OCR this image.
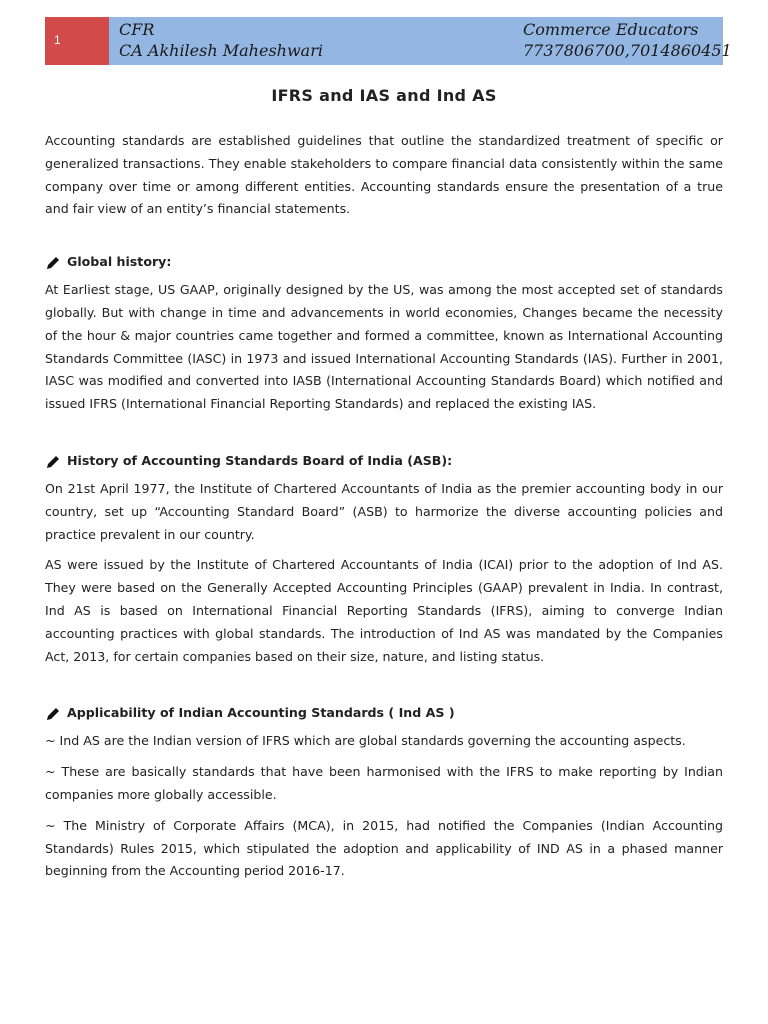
1
CFR
CA Akhilesh Maheshwari
Commerce Educators
7737806700,7014860451
IFRS and IAS and Ind AS

Accounting standards are established guidelines that outline the standardized treatment of specific or generalized transactions. They enable stakeholders to compare financial data consistently within the same company over time or among different entities. Accounting standards ensure the presentation of a true and fair view of an entity’s financial statements.

Global history:

At Earliest stage, US GAAP, originally designed by the US, was among the most accepted set of standards globally. But with change in time and advancements in world economies, Changes became the necessity of the hour & major countries came together and formed a committee, known as International Accounting Standards Committee (IASC) in 1973 and issued International Accounting Standards (IAS). Further in 2001, IASC was modified and converted into IASB (International Accounting Standards Board) which notified and issued IFRS (International Financial Reporting Standards) and replaced the existing IAS.

History of Accounting Standards Board of India (ASB):

On 21st April 1977, the Institute of Chartered Accountants of India as the premier accounting body in our country, set up “Accounting Standard Board” (ASB) to harmorize the diverse accounting policies and practice prevalent in our country.

AS were issued by the Institute of Chartered Accountants of India (ICAI) prior to the adoption of Ind AS. They were based on the Generally Accepted Accounting Principles (GAAP) prevalent in India. In contrast, Ind AS is based on International Financial Reporting Standards (IFRS), aiming to converge Indian accounting practices with global standards. The introduction of Ind AS was mandated by the Companies Act, 2013, for certain companies based on their size, nature, and listing status.

Applicability of Indian Accounting Standards ( Ind AS )

~ Ind AS are the Indian version of IFRS which are global standards governing the accounting aspects.

~ These are basically standards that have been harmonised with the IFRS to make reporting by Indian companies more globally accessible.

~ The Ministry of Corporate Affairs (MCA), in 2015, had notified the Companies (Indian Accounting Standards) Rules 2015, which stipulated the adoption and applicability of IND AS in a phased manner beginning from the Accounting period 2016-17.
